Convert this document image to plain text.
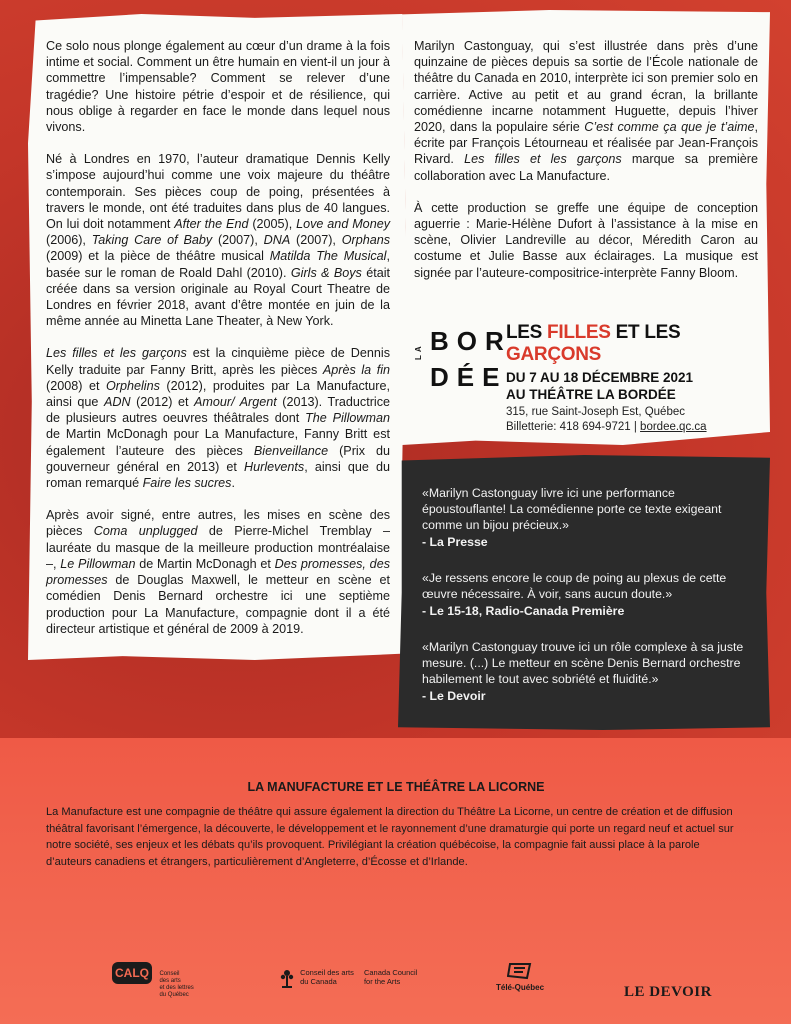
Ce solo nous plonge également au cœur d’un drame à la fois intime et social. Comment un être humain en vient-il un jour à commettre l’impensable? Comment se relever d’une tragédie? Une histoire pétrie d’espoir et de résilience, qui nous oblige à regarder en face le monde dans lequel nous vivons.

Né à Londres en 1970, l’auteur dramatique Dennis Kelly s’impose aujourd’hui comme une voix majeure du théâtre contemporain. Ses pièces coup de poing, présentées à travers le monde, ont été traduites dans plus de 40 langues. On lui doit notamment After the End (2005), Love and Money (2006), Taking Care of Baby (2007), DNA (2007), Orphans (2009) et la pièce de théâtre musical Matilda The Musical, basée sur le roman de Roald Dahl (2010). Girls & Boys était créée dans sa version originale au Royal Court Theatre de Londres en février 2018, avant d’être montée en juin de la même année au Minetta Lane Theater, à New York.

Les filles et les garçons est la cinquième pièce de Dennis Kelly traduite par Fanny Britt, après les pièces Après la fin (2008) et Orphelins (2012), produites par La Manufacture, ainsi que ADN (2012) et Amour/ Argent (2013). Traductrice de plusieurs autres oeuvres théâtrales dont The Pillowman de Martin McDonagh pour La Manufacture, Fanny Britt est également l’auteure des pièces Bienveillance (Prix du gouverneur général en 2013) et Hurlevents, ainsi que du roman remarqué Faire les sucres.

Après avoir signé, entre autres, les mises en scène des pièces Coma unplugged de Pierre-Michel Tremblay – lauréate du masque de la meilleure production montréalaise –, Le Pillowman de Martin McDonagh et Des promesses, des promesses de Douglas Maxwell, le metteur en scène et comédien Denis Bernard orchestre ici une septième production pour La Manufacture, compagnie dont il a été directeur artistique et général de 2009 à 2019.

Marilyn Castonguay, qui s’est illustrée dans près d’une quinzaine de pièces depuis sa sortie de l’École nationale de théâtre du Canada en 2010, interprète ici son premier solo en carrière. Active au petit et au grand écran, la brillante comédienne incarne notamment Huguette, depuis l’hiver 2020, dans la populaire série C’est comme ça que je t’aime, écrite par François Létourneau et réalisée par Jean-François Rivard. Les filles et les garçons marque sa première collaboration avec La Manufacture.

À cette production se greffe une équipe de conception aguerrie : Marie-Hélène Dufort à l’assistance à la mise en scène, Olivier Landreville au décor, Méredith Caron au costume et Julie Basse aux éclairages. La musique est signée par l’auteure-compositrice-interprète Fanny Bloom.

LA BOR
DÉE
LES FILLES ET LES GARÇONS
DU 7 AU 18 DÉCEMBRE 2021
AU THÉÂTRE LA BORDÉE
315, rue Saint-Joseph Est, Québec
Billetterie: 418 694-9721 | bordee.qc.ca
«Marilyn Castonguay livre ici une performance époustouflante! La comédienne porte ce texte exigeant comme un bijou précieux.»
- La Presse
«Je ressens encore le coup de poing au plexus de cette œuvre nécessaire. À voir, sans aucun doute.»
- Le 15-18, Radio-Canada Première
«Marilyn Castonguay trouve ici un rôle complexe à sa juste mesure. (...) Le metteur en scène Denis Bernard orchestre habilement le tout avec sobriété et fluidité.»
- Le Devoir
LA MANUFACTURE ET LE THÉÂTRE LA LICORNE

La Manufacture est une compagnie de théâtre qui assure également la direction du Théâtre La Licorne, un centre de création et de diffusion théâtral favorisant l’émergence, la découverte, le développement et le rayonnement d’une dramaturgie qui porte un regard neuf et actuel sur notre société, ses enjeux et les débats qu’ils provoquent. Privilégiant la création québécoise, la compagnie fait aussi place à la parole d’auteurs canadiens et étrangers, particulièrement d’Angleterre, d’Écosse et d’Irlande.

CALQ Conseil
des arts
et des lettres
du Québec

Conseil des arts
du Canada

Canada Council
for the Arts
Télé-Québec	LE DEVOIR
